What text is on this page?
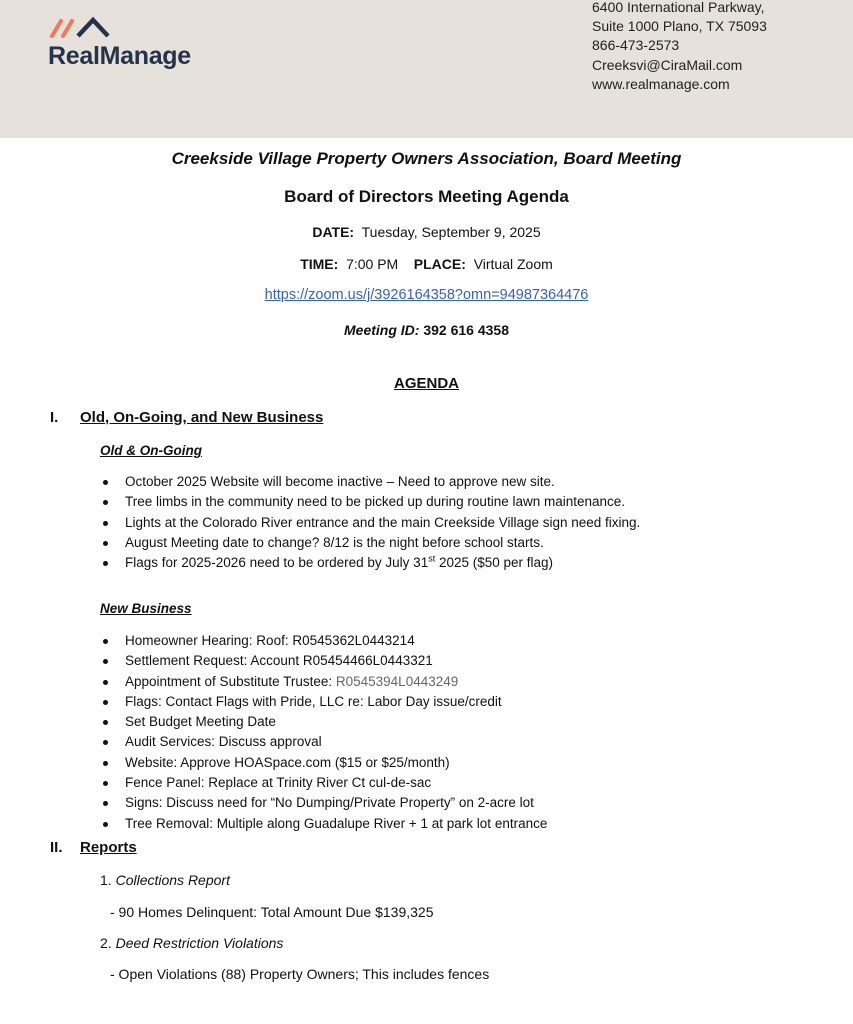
RealManage
6400 International Parkway,
Suite 1000 Plano, TX 75093
866-473-2573
Creeksvi@CiraMail.com
www.realmanage.com
Creekside Village Property Owners Association, Board Meeting
Board of Directors Meeting Agenda
DATE: Tuesday, September 9, 2025
TIME: 7:00 PM PLACE: Virtual Zoom
https://zoom.us/j/3926164358?omn=94987364476
Meeting ID: 392 616 4358
AGENDA
I. Old, On-Going, and New Business
Old & On-Going
October 2025 Website will become inactive – Need to approve new site.
Tree limbs in the community need to be picked up during routine lawn maintenance.
Lights at the Colorado River entrance and the main Creekside Village sign need fixing.
August Meeting date to change? 8/12 is the night before school starts.
Flags for 2025-2026 need to be ordered by July 31st 2025 ($50 per flag)
New Business
Homeowner Hearing: Roof: R0545362L0443214
Settlement Request: Account R05454466L0443321
Appointment of Substitute Trustee: R0545394L0443249
Flags: Contact Flags with Pride, LLC re: Labor Day issue/credit
Set Budget Meeting Date
Audit Services: Discuss approval
Website: Approve HOASpace.com ($15 or $25/month)
Fence Panel: Replace at Trinity River Ct cul-de-sac
Signs: Discuss need for “No Dumping/Private Property” on 2-acre lot
Tree Removal: Multiple along Guadalupe River + 1 at park lot entrance
II. Reports
1. Collections Report
- 90 Homes Delinquent: Total Amount Due $139,325
2. Deed Restriction Violations
- Open Violations (88) Property Owners; This includes fences
